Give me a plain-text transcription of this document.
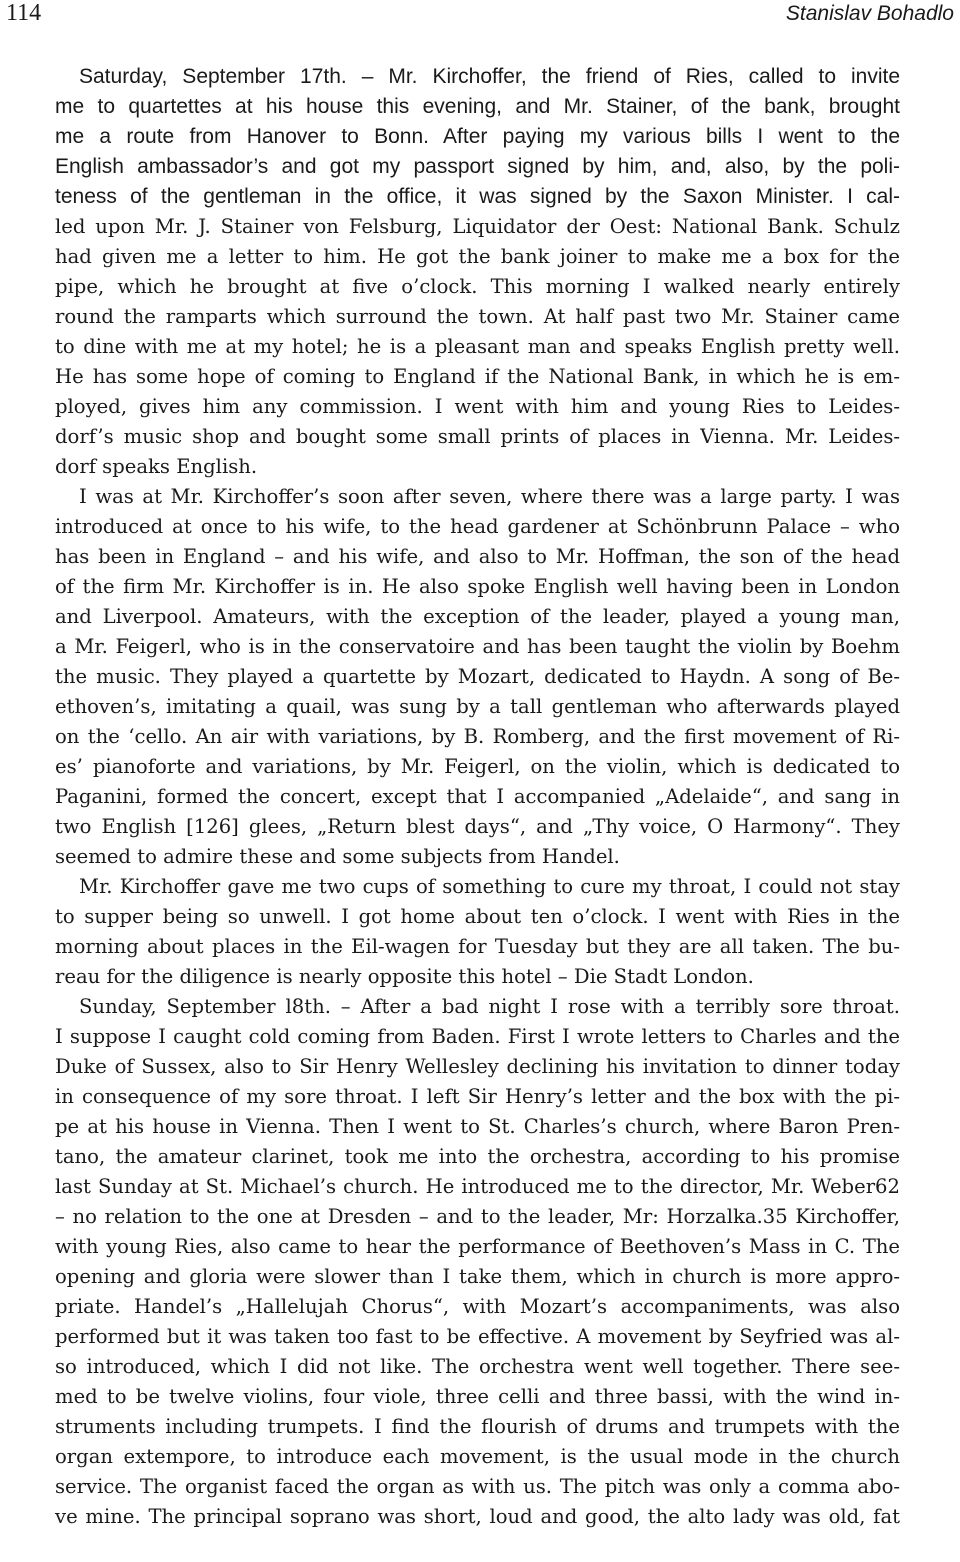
114	Stanislav Bohadlo
Saturday, September 17th. – Mr. Kirchoffer, the friend of Ries, called to invite
me to quartettes at his house this evening, and Mr. Stainer, of the bank, brought
me a route from Hanover to Bonn. After paying my various bills I went to the
English ambassador’s and got my passport signed by him, and, also, by the poli-
teness of the gentleman in the office, it was signed by the Saxon Minister. I cal-
led upon Mr. J. Stainer von Felsburg, Liquidator der Oest: National Bank. Schulz
had given me a letter to him. He got the bank joiner to make me a box for the
pipe, which he brought at five o’clock. This morning I walked nearly entirely
round the ramparts which surround the town. At half past two Mr. Stainer came
to dine with me at my hotel; he is a pleasant man and speaks English pretty well.
He has some hope of coming to England if the National Bank, in which he is em-
ployed, gives him any commission. I went with him and young Ries to Leides-
dorf’s music shop and bought some small prints of places in Vienna. Mr. Leides-
dorf speaks English.
I was at Mr. Kirchoffer’s soon after seven, where there was a large party. I was
introduced at once to his wife, to the head gardener at Schönbrunn Palace – who
has been in England – and his wife, and also to Mr. Hoffman, the son of the head
of the firm Mr. Kirchoffer is in. He also spoke English well having been in London
and Liverpool. Amateurs, with the exception of the leader, played a young man,
a Mr. Feigerl, who is in the conservatoire and has been taught the violin by Boehm
the music. They played a quartette by Mozart, dedicated to Haydn. A song of Be-
ethoven’s, imitating a quail, was sung by a tall gentleman who afterwards played
on the ‘cello. An air with variations, by B. Romberg, and the first movement of Ri-
es’ pianoforte and variations, by Mr. Feigerl, on the violin, which is dedicated to
Paganini, formed the concert, except that I accompanied „Adelaide“, and sang in
two English [126] glees, „Return blest days“, and „Thy voice, O Harmony“. They
seemed to admire these and some subjects from Handel.
Mr. Kirchoffer gave me two cups of something to cure my throat, I could not stay
to supper being so unwell. I got home about ten o’clock. I went with Ries in the
morning about places in the Eil-wagen for Tuesday but they are all taken. The bu-
reau for the diligence is nearly opposite this hotel – Die Stadt London.
Sunday, September l8th. – After a bad night I rose with a terribly sore throat.
I suppose I caught cold coming from Baden. First I wrote letters to Charles and the
Duke of Sussex, also to Sir Henry Wellesley declining his invitation to dinner today
in consequence of my sore throat. I left Sir Henry’s letter and the box with the pi-
pe at his house in Vienna. Then I went to St. Charles’s church, where Baron Pren-
tano, the amateur clarinet, took me into the orchestra, according to his promise
last Sunday at St. Michael’s church. He introduced me to the director, Mr. Weber62
– no relation to the one at Dresden – and to the leader, Mr: Horzalka.35 Kirchoffer,
with young Ries, also came to hear the performance of Beethoven’s Mass in C. The
opening and gloria were slower than I take them, which in church is more appro-
priate. Handel’s „Hallelujah Chorus“, with Mozart’s accompaniments, was also
performed but it was taken too fast to be effective. A movement by Seyfried was al-
so introduced, which I did not like. The orchestra went well together. There see-
med to be twelve violins, four viole, three celli and three bassi, with the wind in-
struments including trumpets. I find the flourish of drums and trumpets with the
organ extempore, to introduce each movement, is the usual mode in the church
service. The organist faced the organ as with us. The pitch was only a comma abo-
ve mine. The principal soprano was short, loud and good, the alto lady was old, fat
